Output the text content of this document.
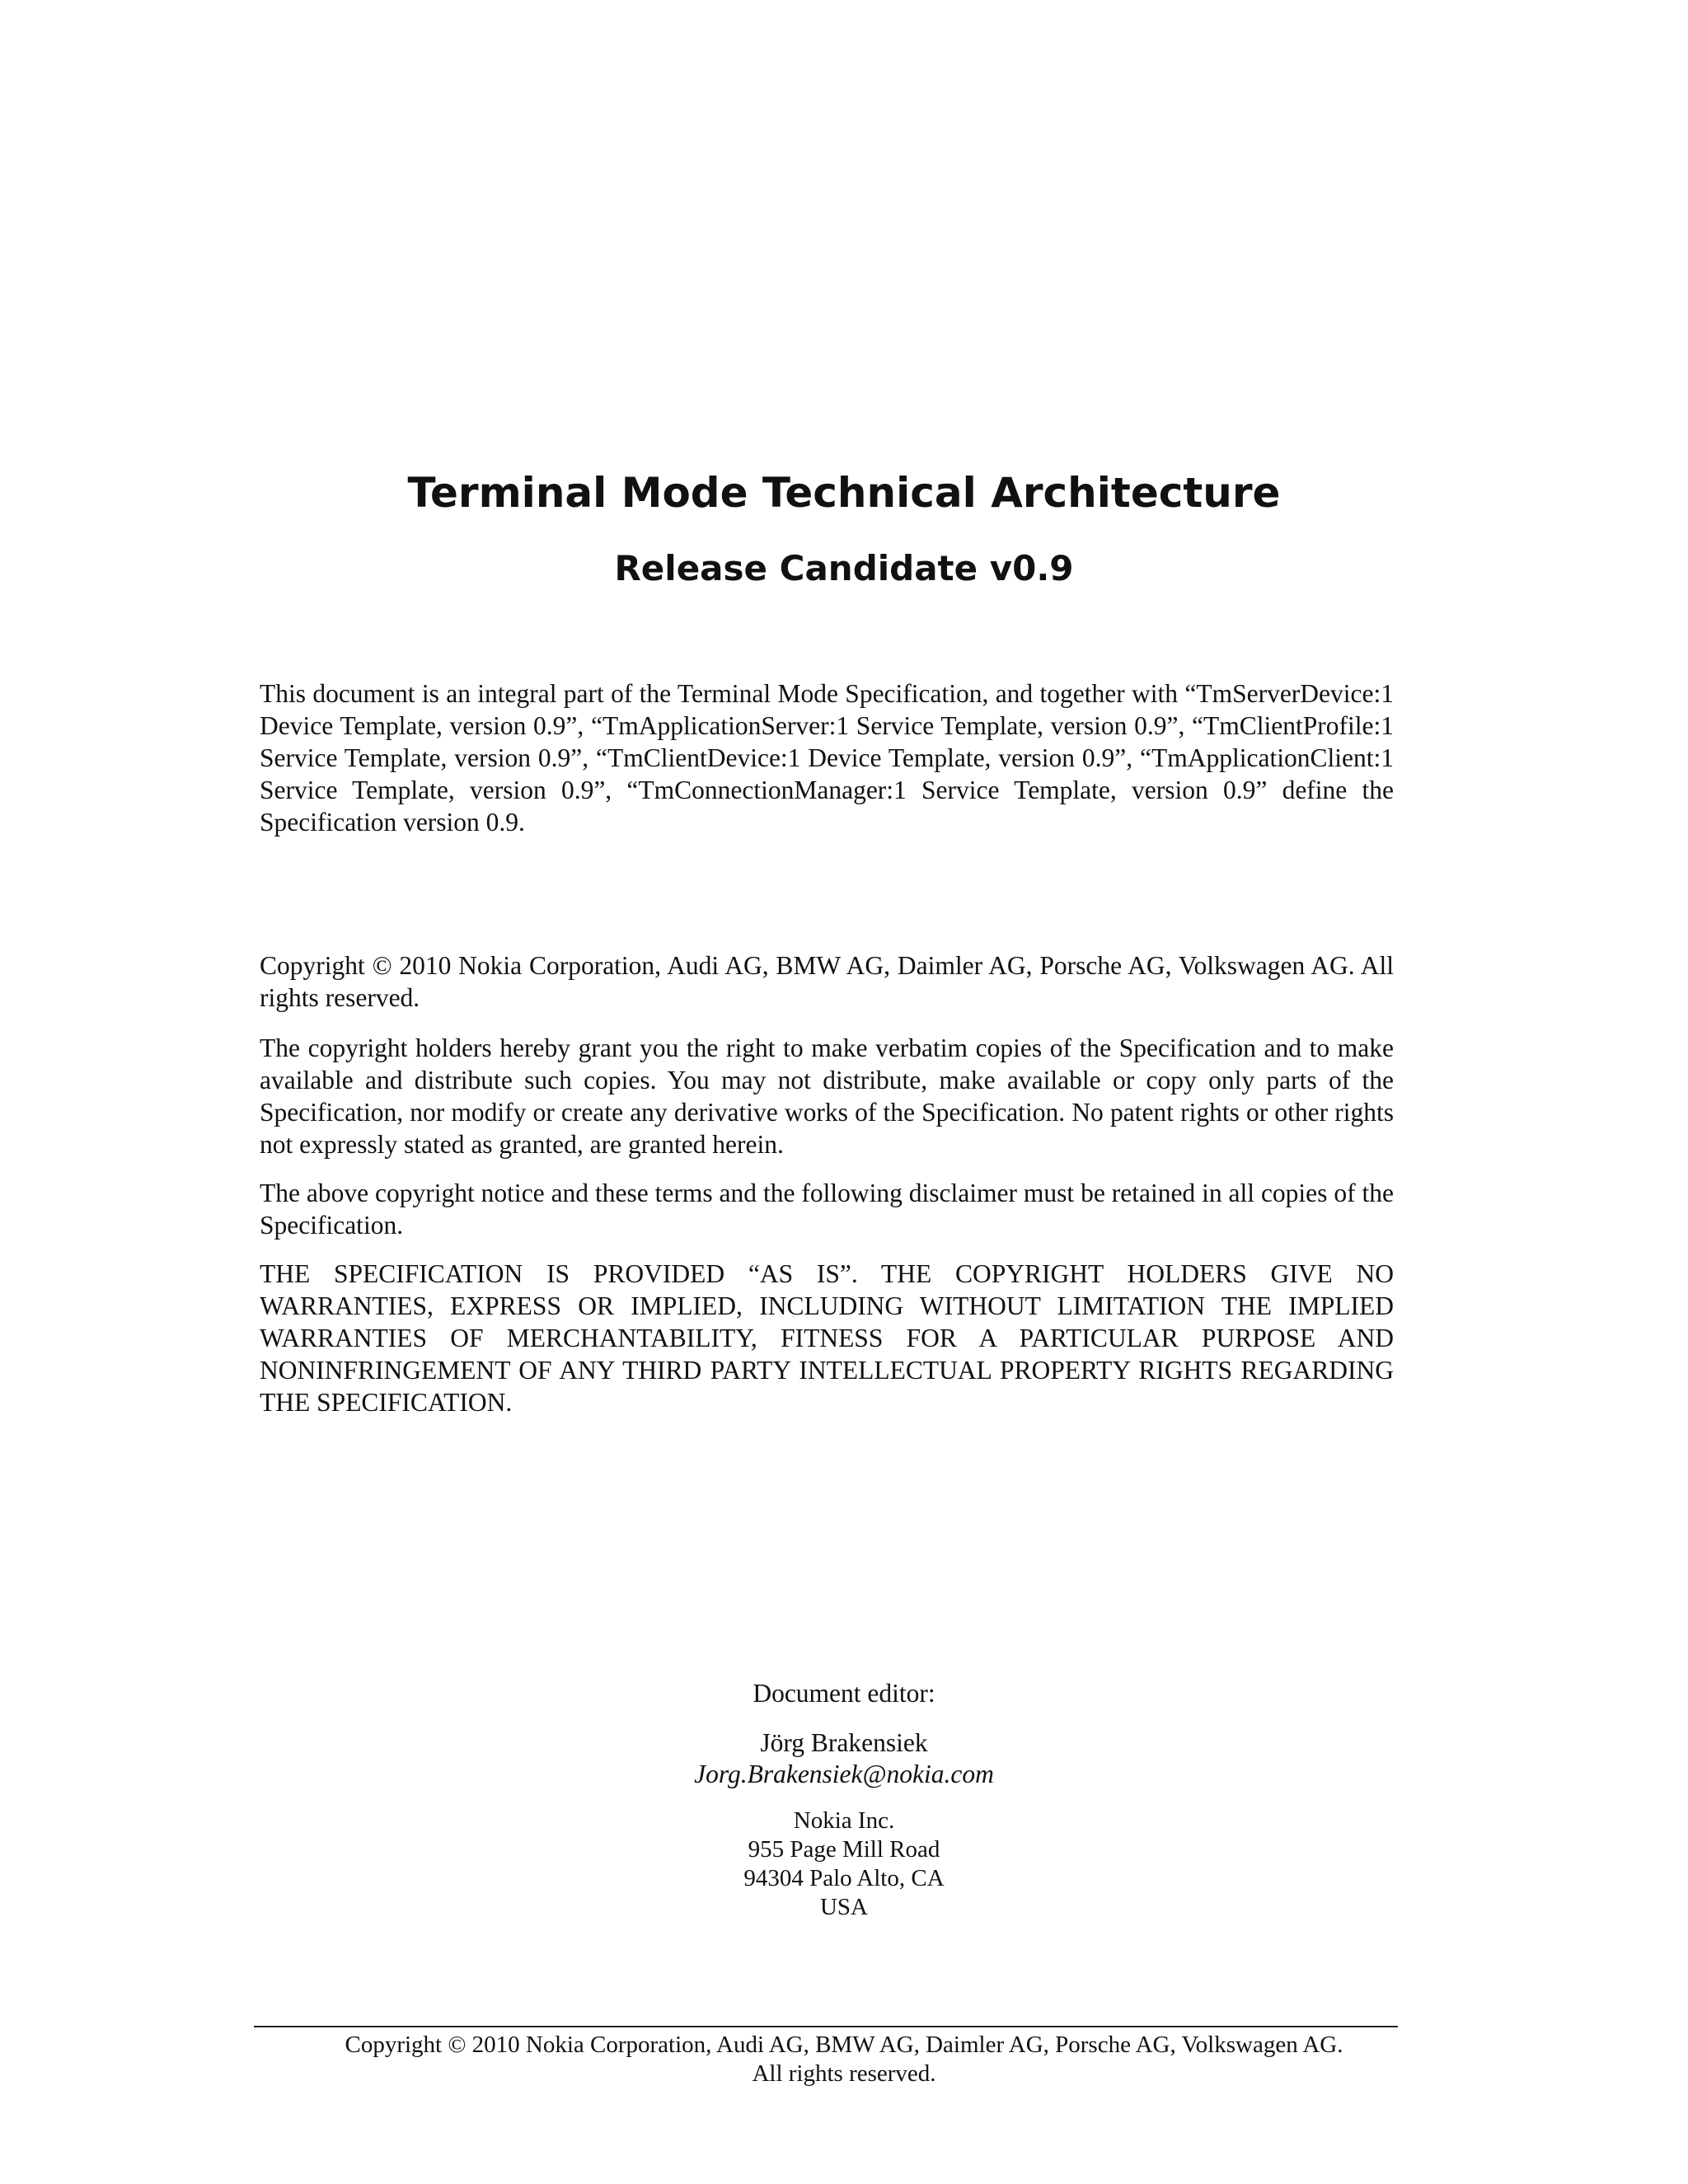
Terminal Mode Technical Architecture
Release Candidate v0.9

This document is an integral part of the Terminal Mode Specification, and together with “TmServerDevice:1 Device Template, version 0.9”, “TmApplicationServer:1 Service Template, version 0.9”, “TmClientProfile:1 Service Template, version 0.9”, “TmClientDevice:1 Device Template, version 0.9”, “TmApplicationClient:1 Service Template, version 0.9”, “TmConnectionManager:1 Service Template, version 0.9” define the Specification version 0.9.

Copyright © 2010 Nokia Corporation, Audi AG, BMW AG, Daimler AG, Porsche AG, Volkswagen AG. All rights reserved.

The copyright holders hereby grant you the right to make verbatim copies of the Specification and to make available and distribute such copies. You may not distribute, make available or copy only parts of the Specification, nor modify or create any derivative works of the Specification. No patent rights or other rights not expressly stated as granted, are granted herein.

The above copyright notice and these terms and the following disclaimer must be retained in all copies of the Specification.

THE SPECIFICATION IS PROVIDED “AS IS”. THE COPYRIGHT HOLDERS GIVE NO WARRANTIES, EXPRESS OR IMPLIED, INCLUDING WITHOUT LIMITATION THE IMPLIED WARRANTIES OF MERCHANTABILITY, FITNESS FOR A PARTICULAR PURPOSE AND NONINFRINGEMENT OF ANY THIRD PARTY INTELLECTUAL PROPERTY RIGHTS REGARDING THE SPECIFICATION.

Document editor:
Jörg Brakensiek
Jorg.Brakensiek@nokia.com
Nokia Inc.
955 Page Mill Road
94304 Palo Alto, CA
USA
Copyright © 2010 Nokia Corporation, Audi AG, BMW AG, Daimler AG, Porsche AG, Volkswagen AG.
All rights reserved.
